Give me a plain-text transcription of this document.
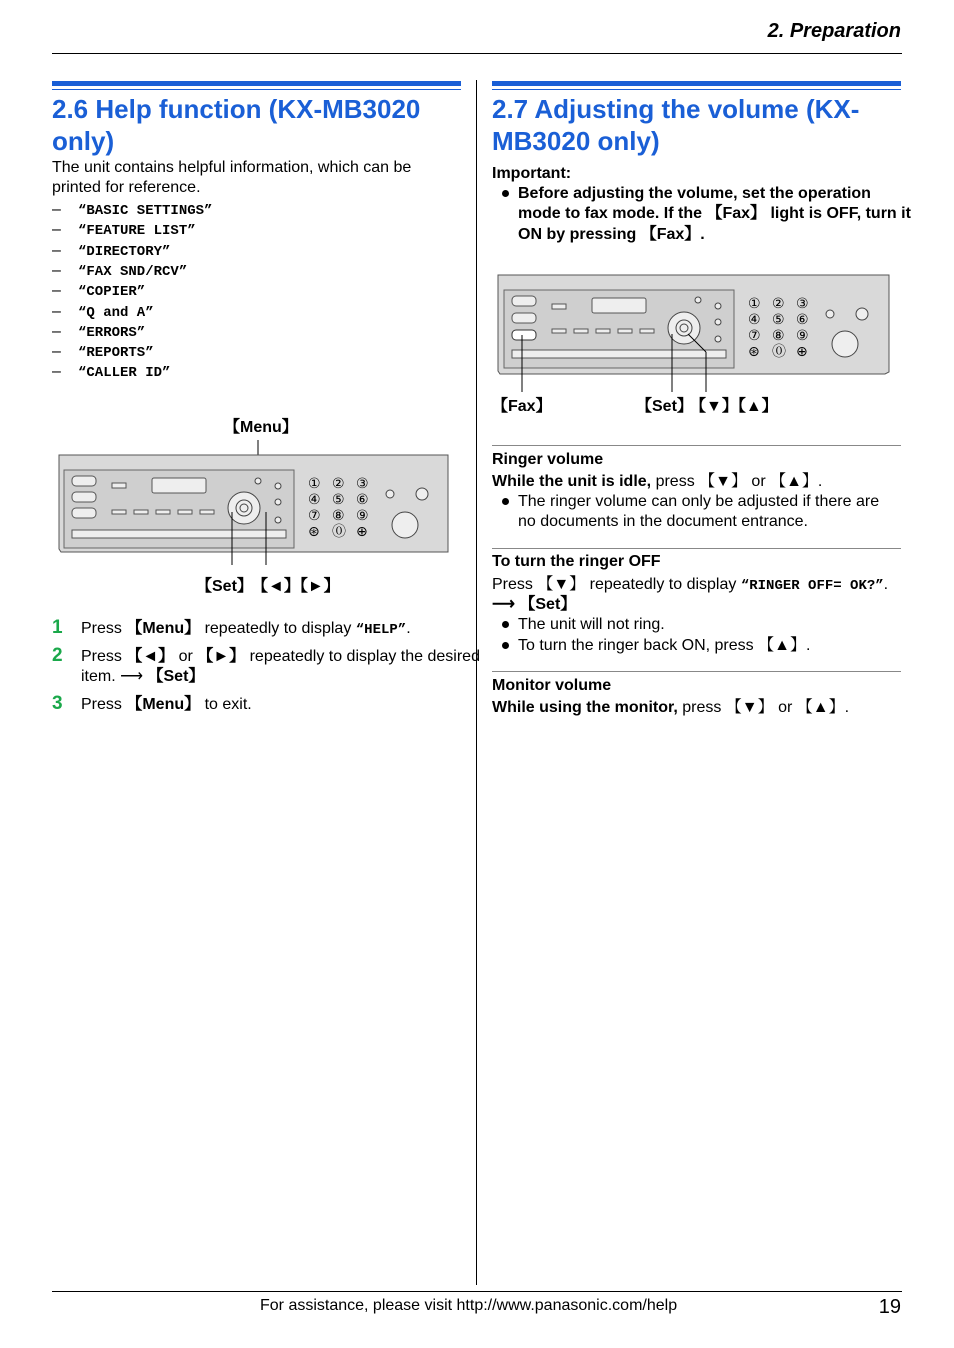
2. Preparation
2.6 Help function (KX-MB3020
only)
The unit contains helpful information, which can be
printed for reference.
– “BASIC SETTINGS”
– “FEATURE LIST”
– “DIRECTORY”
– “FAX SND/RCV”
– “COPIER”
– “Q and A”
– “ERRORS”
– “REPORTS”
– “CALLER ID”
【Menu】
① ② ③
④ ⑤ ⑥
⑦ ⑧ ⑨
⊛ ⓪ ⊕
【Set】 【◄】【►】
1 Press 【Menu】 repeatedly to display “HELP”.
2 Press 【◄】 or 【►】 repeatedly to display the desired
item. ⟶ 【Set】
3 Press 【Menu】 to exit.
2.7 Adjusting the volume (KX-
MB3020 only)
Important:
Before adjusting the volume, set the operation
mode to fax mode. If the 【Fax】 light is OFF, turn it
ON by pressing 【Fax】.
① ② ③
④ ⑤ ⑥
⑦ ⑧ ⑨
⊛ ⓪ ⊕
【Fax】	【Set】
【▼】【▲】
Ringer volume
While the unit is idle, press 【▼】 or 【▲】.
The ringer volume can only be adjusted if there are
no documents in the document entrance.
To turn the ringer OFF
Press 【▼】 repeatedly to display “RINGER OFF= OK?”.
⟶ 【Set】
The unit will not ring.
To turn the ringer back ON, press 【▲】.
Monitor volume
While using the monitor, press 【▼】 or 【▲】.
For assistance, please visit http://www.panasonic.com/help	19
